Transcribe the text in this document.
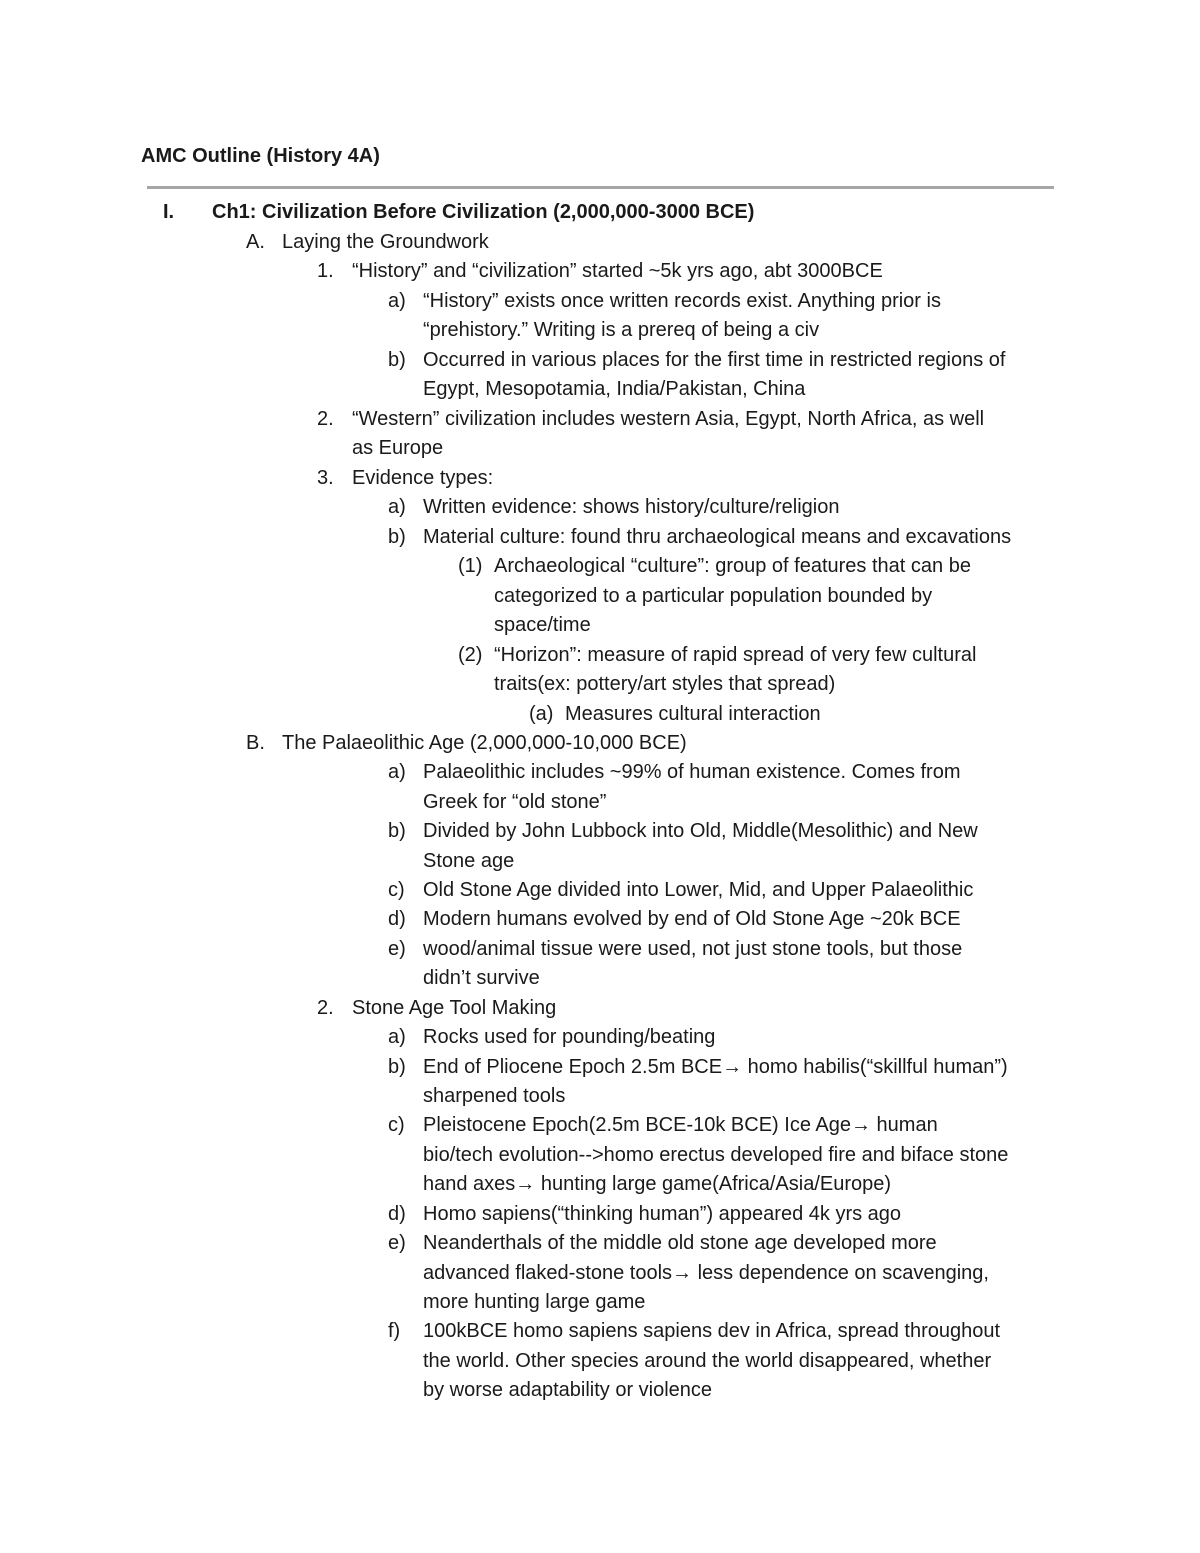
AMC Outline (History 4A)
I. Ch1: Civilization Before Civilization (2,000,000-3000 BCE)
A. Laying the Groundwork
1. “History” and “civilization” started ~5k yrs ago, abt 3000BCE
a) “History” exists once written records exist. Anything prior is
“prehistory.” Writing is a prereq of being a civ
b) Occurred in various places for the first time in restricted regions of
Egypt, Mesopotamia, India/Pakistan, China
2. “Western” civilization includes western Asia, Egypt, North Africa, as well
as Europe
3. Evidence types:
a) Written evidence: shows history/culture/religion
b) Material culture: found thru archaeological means and excavations
(1) Archaeological “culture”: group of features that can be
categorized to a particular population bounded by
space/time
(2) “Horizon”: measure of rapid spread of very few cultural
traits(ex: pottery/art styles that spread)
(a) Measures cultural interaction
B. The Palaeolithic Age (2,000,000-10,000 BCE)
a) Palaeolithic includes ~99% of human existence. Comes from
Greek for “old stone”
b) Divided by John Lubbock into Old, Middle(Mesolithic) and New
Stone age
c) Old Stone Age divided into Lower, Mid, and Upper Palaeolithic
d) Modern humans evolved by end of Old Stone Age ~20k BCE
e) wood/animal tissue were used, not just stone tools, but those
didn’t survive
2. Stone Age Tool Making
a) Rocks used for pounding/beating
b) End of Pliocene Epoch 2.5m BCE→ homo habilis(“skillful human”)
sharpened tools
c) Pleistocene Epoch(2.5m BCE-10k BCE) Ice Age→ human
bio/tech evolution-->homo erectus developed fire and biface stone
hand axes→ hunting large game(Africa/Asia/Europe)
d) Homo sapiens(“thinking human”) appeared 4k yrs ago
e) Neanderthals of the middle old stone age developed more
advanced flaked-stone tools→ less dependence on scavenging,
more hunting large game
f) 100kBCE homo sapiens sapiens dev in Africa, spread throughout
the world. Other species around the world disappeared, whether
by worse adaptability or violence
